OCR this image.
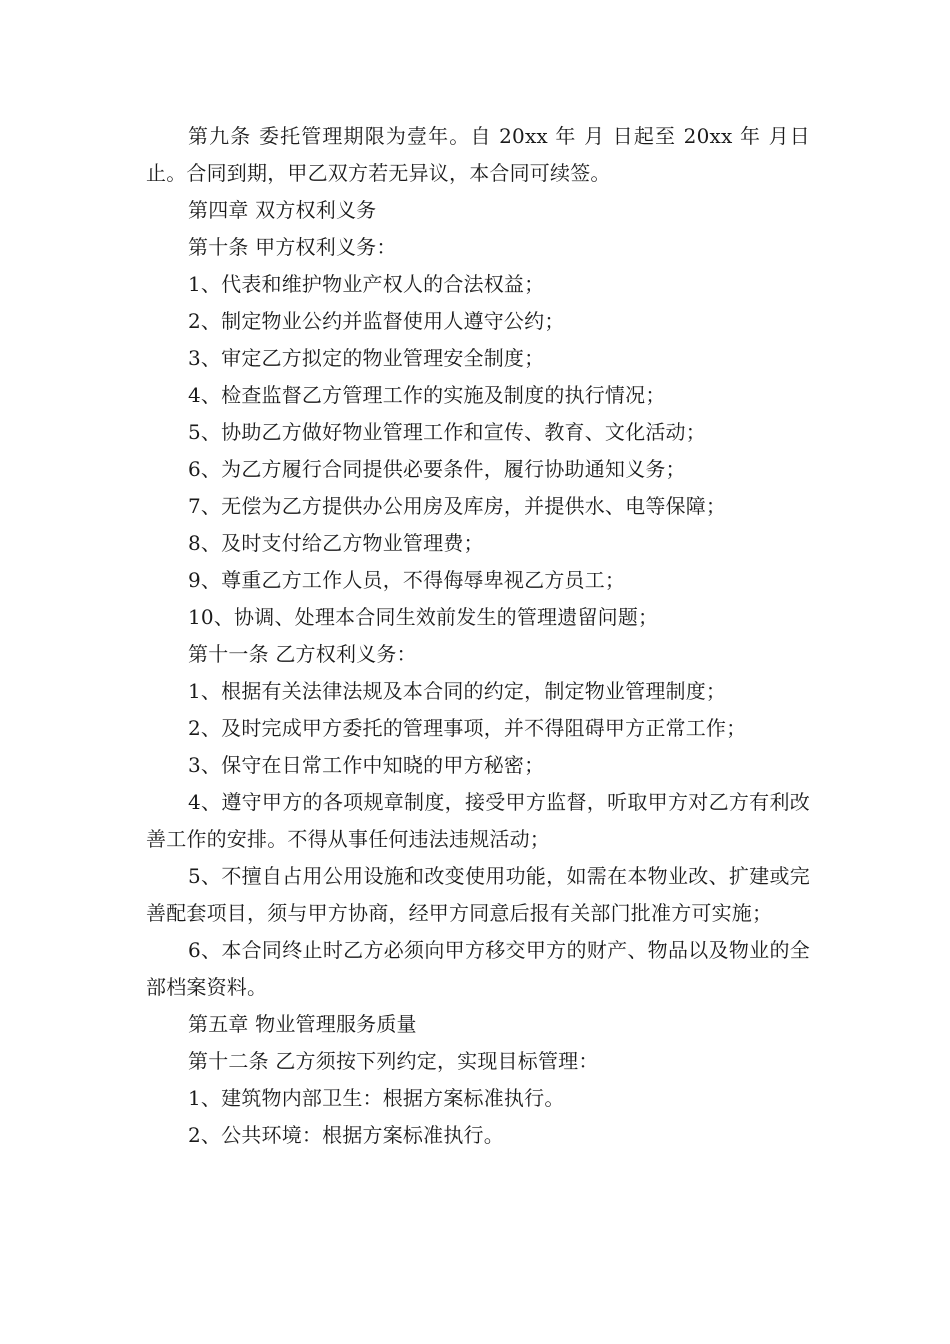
第九条 委托管理期限为壹年。自 20xx 年 月 日起至 20xx 年 月日止。合同到期，甲乙双方若无异议，本合同可续签。

第四章 双方权利义务

第十条 甲方权利义务：

1、代表和维护物业产权人的合法权益；

2、制定物业公约并监督使用人遵守公约；

3、审定乙方拟定的物业管理安全制度；

4、检查监督乙方管理工作的实施及制度的执行情况；

5、协助乙方做好物业管理工作和宣传、教育、文化活动；

6、为乙方履行合同提供必要条件，履行协助通知义务；

7、无偿为乙方提供办公用房及库房，并提供水、电等保障；

8、及时支付给乙方物业管理费；

9、尊重乙方工作人员，不得侮辱卑视乙方员工；

10、协调、处理本合同生效前发生的管理遗留问题；

第十一条 乙方权利义务：

1、根据有关法律法规及本合同的约定，制定物业管理制度；

2、及时完成甲方委托的管理事项，并不得阻碍甲方正常工作；

3、保守在日常工作中知晓的甲方秘密；

4、遵守甲方的各项规章制度，接受甲方监督，听取甲方对乙方有利改善工作的安排。不得从事任何违法违规活动；

5、不擅自占用公用设施和改变使用功能，如需在本物业改、扩建或完善配套项目，须与甲方协商，经甲方同意后报有关部门批准方可实施；

6、本合同终止时乙方必须向甲方移交甲方的财产、物品以及物业的全部档案资料。

第五章 物业管理服务质量

第十二条 乙方须按下列约定，实现目标管理：

1、建筑物内部卫生：根据方案标准执行。

2、公共环境：根据方案标准执行。
